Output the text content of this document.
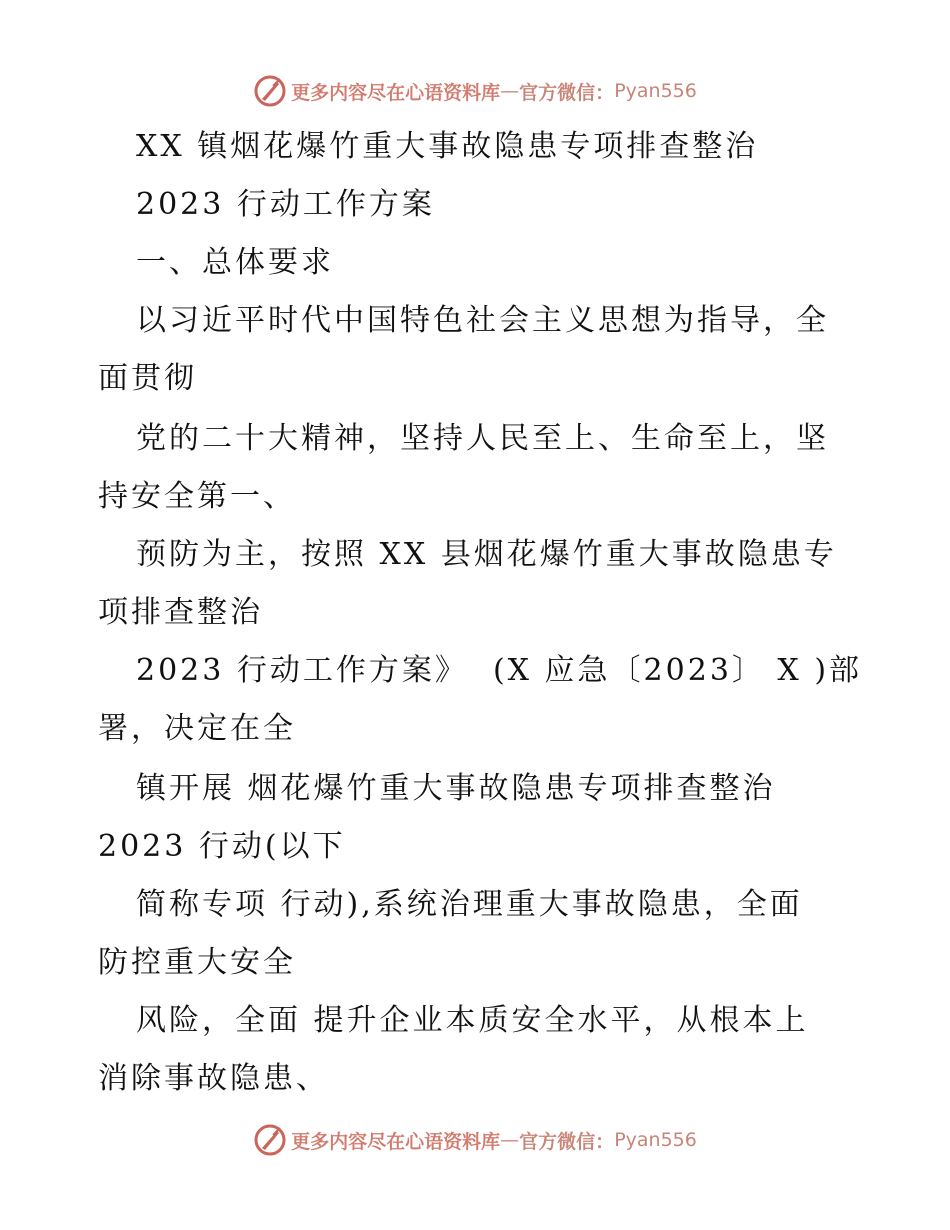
更多内容尽在心语资料库 — 官方微信： Pyan556
XX 镇烟花爆竹重大事故隐患专项排查整治
2023 行动工作方案
一、总体要求
以习近平时代中国特色社会主义思想为指导，全
面贯彻
党的二十大精神，坚持人民至上、生命至上，坚
持安全第一、
预防为主，按照 XX 县烟花爆竹重大事故隐患专
项排查整治
2023 行动工作方案》  (X 应急〔2023〕 X )部
署，决定在全
镇开展 烟花爆竹重大事故隐患专项排查整治
2023 行动(以下
简称专项 行动),系统治理重大事故隐患，全面
防控重大安全
风险，全面 提升企业本质安全水平，从根本上
消除事故隐患、
更多内容尽在心语资料库 — 官方微信： Pyan556
